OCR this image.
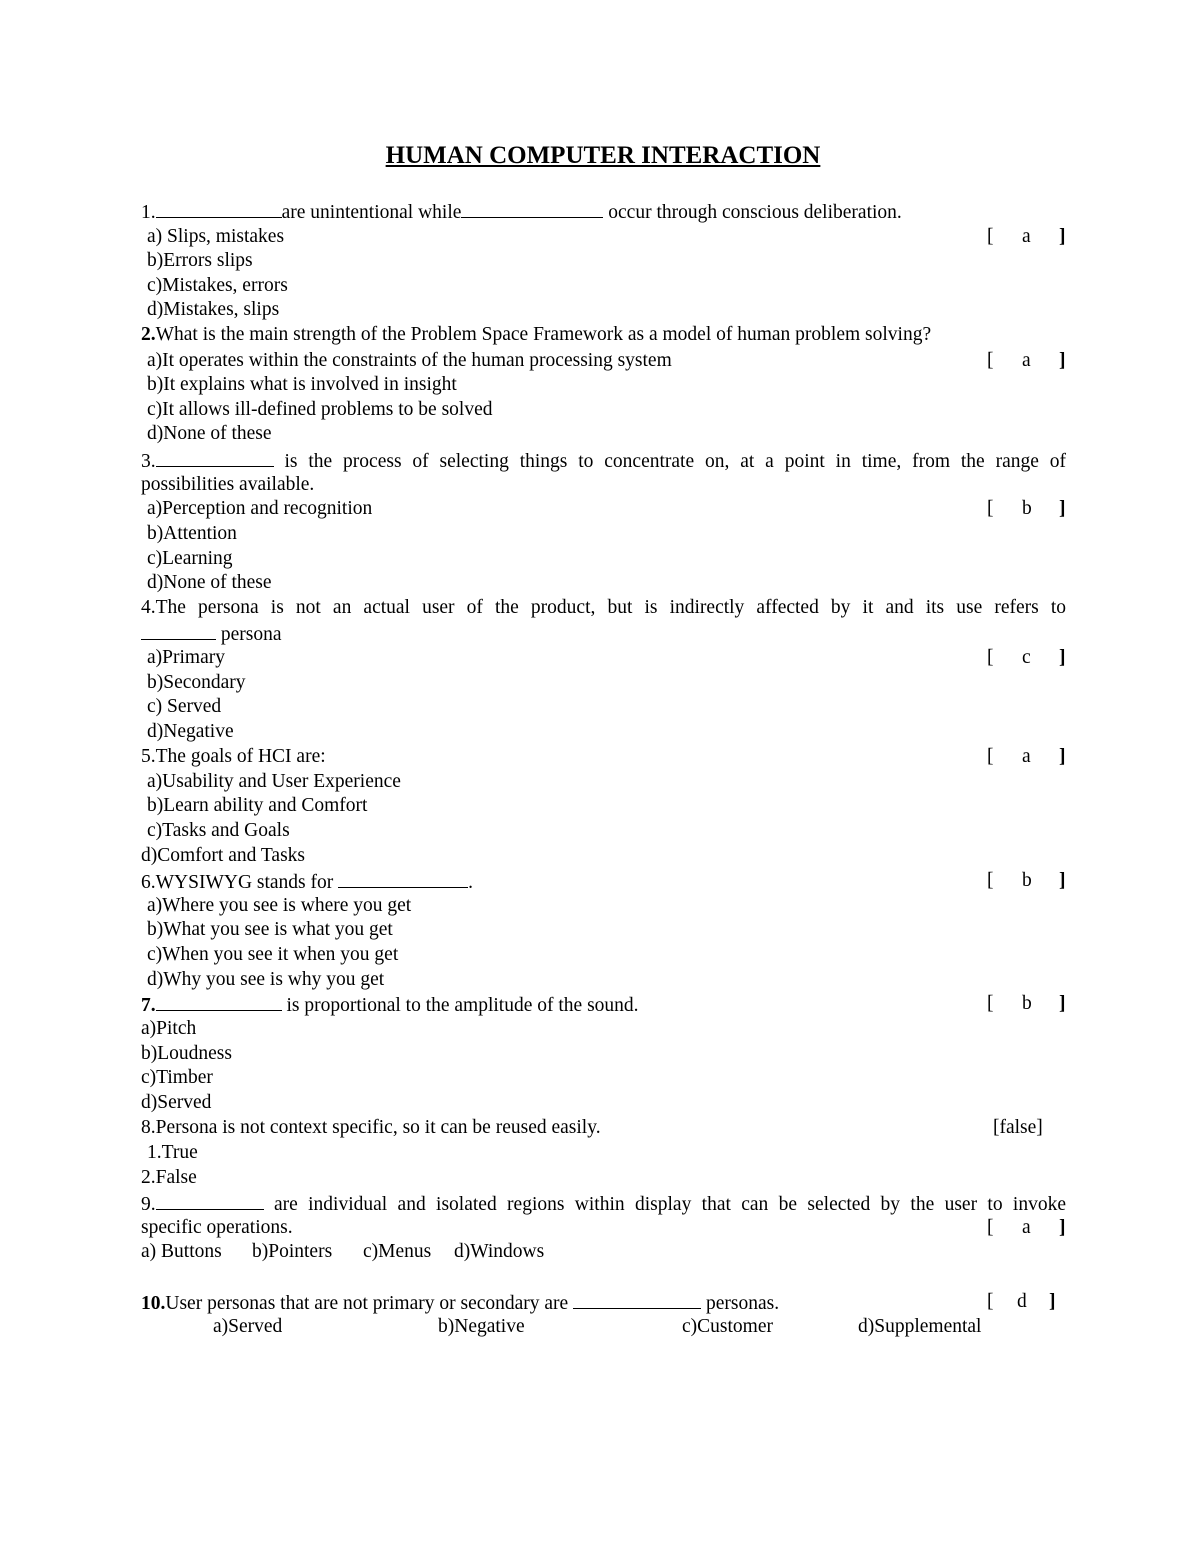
HUMAN COMPUTER INTERACTION
1.	are unintentional while	occur through conscious deliberation.
[ a ]
a) Slips, mistakes
b)Errors slips
c)Mistakes, errors
d)Mistakes, slips
2.What is the main strength of the Problem Space Framework as a model of human problem solving?
[ a ]
a)It operates within the constraints of the human processing system
b)It explains what is involved in insight
c)It allows ill-defined problems to be solved
d)None of these
3.	is the process of selecting things to concentrate on, at a point in time, from the range of
possibilities available.
[ b ]
a)Perception and recognition
b)Attention
c)Learning
d)None of these
4.The persona is not an actual user of the product, but is indirectly affected by it and its use refers to
persona
[ c ]
a)Primary
b)Secondary
c) Served
d)Negative
5.The goals of HCI are:	[ a ]
a)Usability and User Experience
b)Learn ability and Comfort
c)Tasks and Goals
d)Comfort and Tasks
6.WYSIWYG stands for	.	[ b ]
a)Where you see is where you get
b)What you see is what you get
c)When you see it when you get
d)Why you see is why you get
7.	is proportional to the amplitude of the sound.	[ b ]
a)Pitch
b)Loudness
c)Timber
d)Served
8.Persona is not context specific, so it can be reused easily.	[false]
1.True
2.False
9.	are individual and isolated regions within display that can be selected by the user to invoke
specific operations.	[ a ]
a) Buttons b)Pointers c)Menus d)Windows
10.User personas that are not primary or secondary are	personas.	[ d ]
a)Served	b)Negative	c)Customer	d)Supplemental
